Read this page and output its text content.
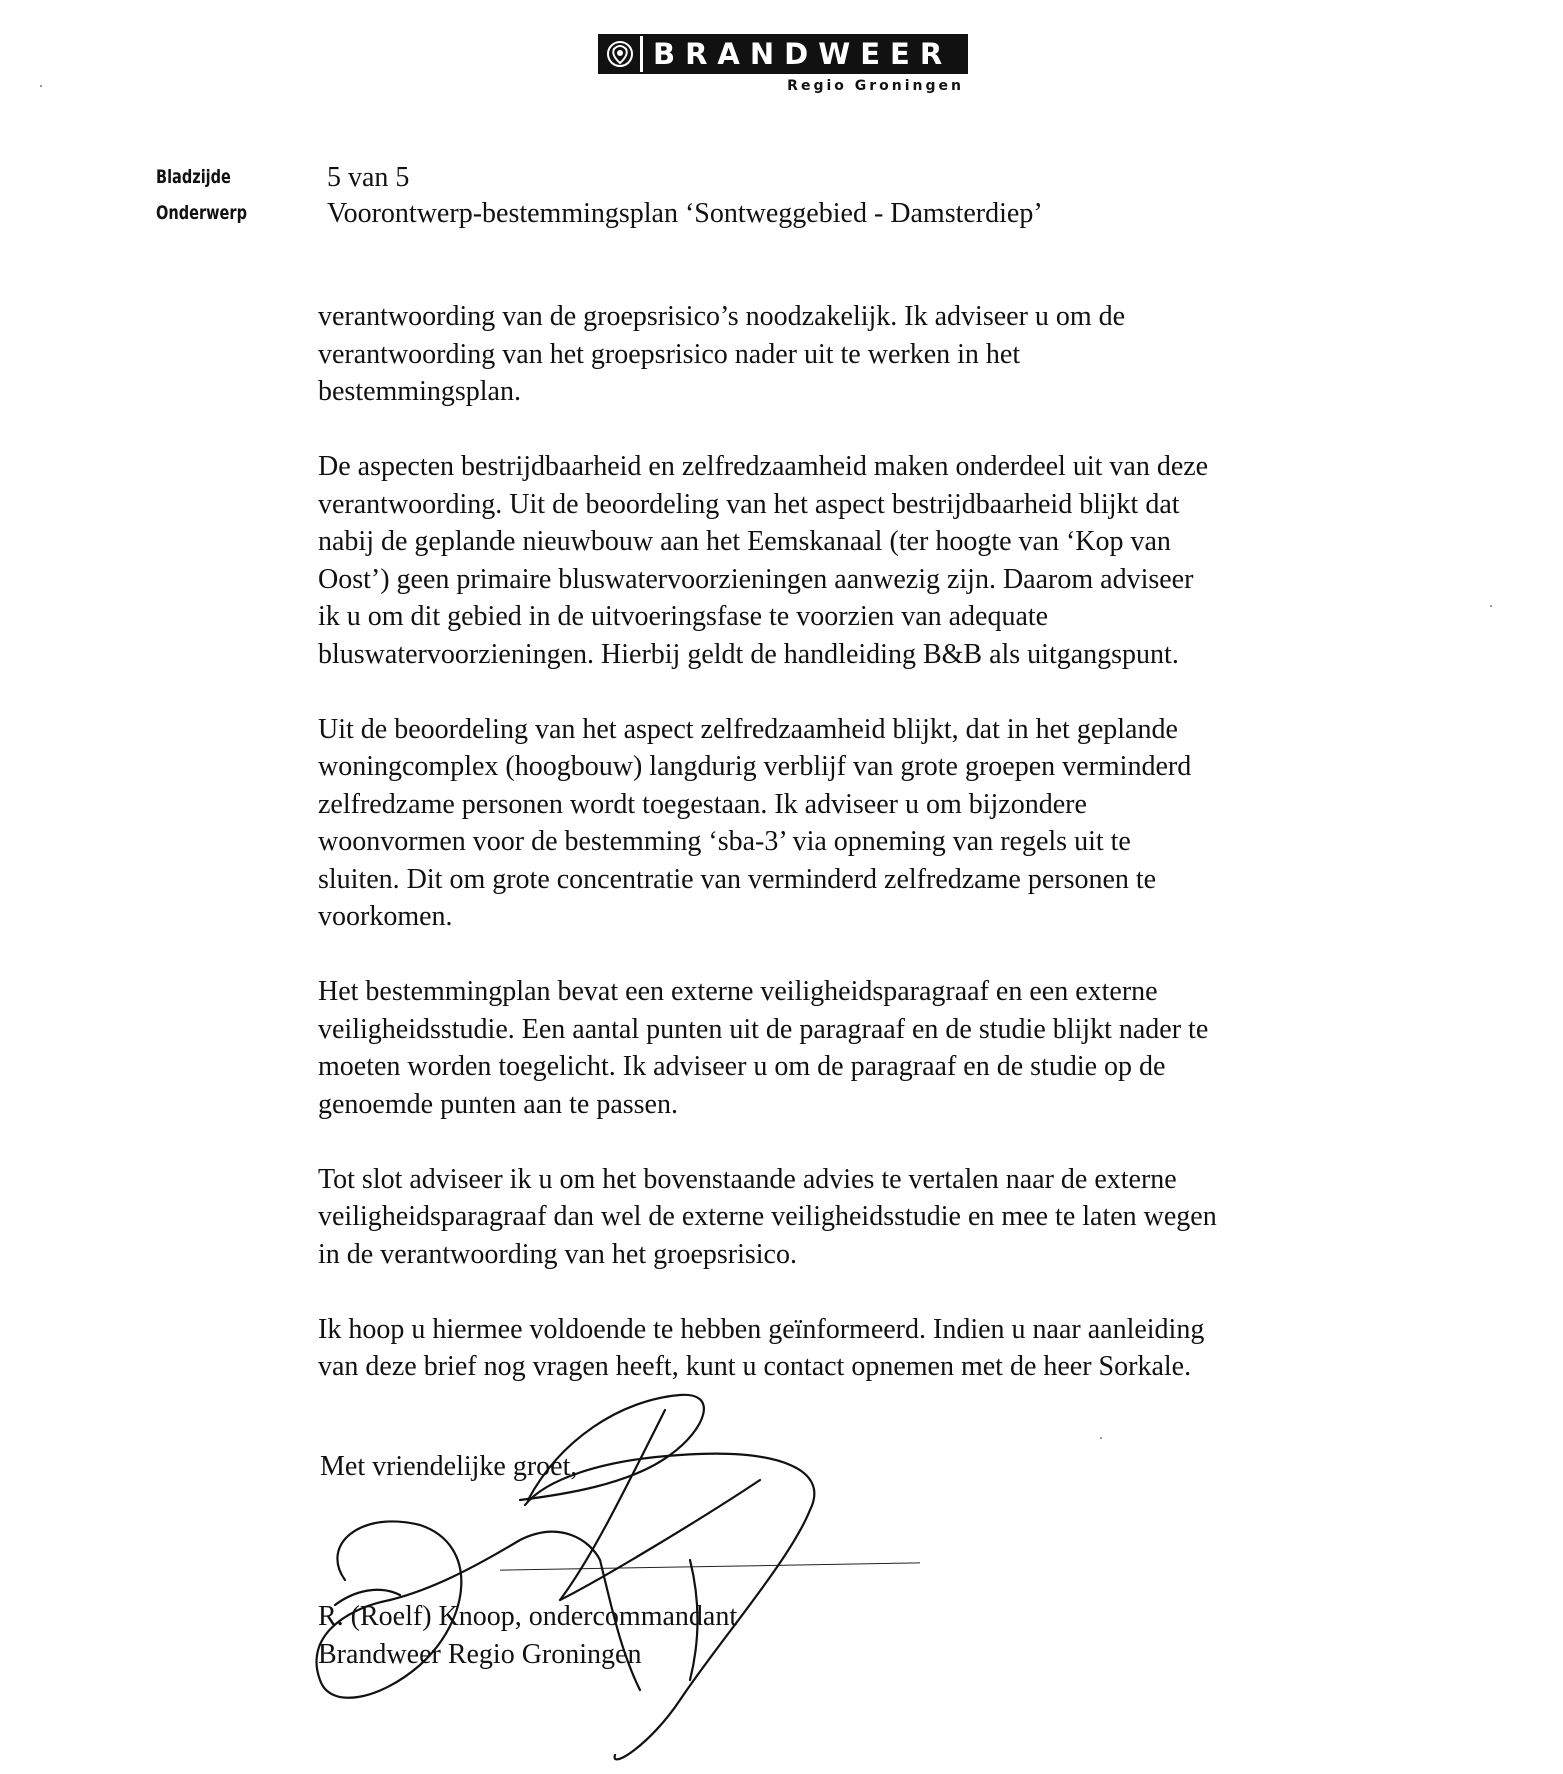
BRANDWEER
Regio Groningen
Bladzijde	5 van 5
Onderwerp	Voorontwerp-bestemmingsplan ‘Sontweggebied - Damsterdiep’

verantwoording van de groepsrisico’s noodzakelijk. Ik adviseer u om de
verantwoording van het groepsrisico nader uit te werken in het
bestemmingsplan.

De aspecten bestrijdbaarheid en zelfredzaamheid maken onderdeel uit van deze
verantwoording. Uit de beoordeling van het aspect bestrijdbaarheid blijkt dat
nabij de geplande nieuwbouw aan het Eemskanaal (ter hoogte van ‘Kop van
Oost’) geen primaire bluswatervoorzieningen aanwezig zijn. Daarom adviseer
ik u om dit gebied in de uitvoeringsfase te voorzien van adequate
bluswatervoorzieningen. Hierbij geldt de handleiding B&B als uitgangspunt.

Uit de beoordeling van het aspect zelfredzaamheid blijkt, dat in het geplande
woningcomplex (hoogbouw) langdurig verblijf van grote groepen verminderd
zelfredzame personen wordt toegestaan. Ik adviseer u om bijzondere
woonvormen voor de bestemming ‘sba-3’ via opneming van regels uit te
sluiten. Dit om grote concentratie van verminderd zelfredzame personen te
voorkomen.

Het bestemmingplan bevat een externe veiligheidsparagraaf en een externe
veiligheidsstudie. Een aantal punten uit de paragraaf en de studie blijkt nader te
moeten worden toegelicht. Ik adviseer u om de paragraaf en de studie op de
genoemde punten aan te passen.

Tot slot adviseer ik u om het bovenstaande advies te vertalen naar de externe
veiligheidsparagraaf dan wel de externe veiligheidsstudie en mee te laten wegen
in de verantwoording van het groepsrisico.

Ik hoop u hiermee voldoende te hebben geïnformeerd. Indien u naar aanleiding
van deze brief nog vragen heeft, kunt u contact opnemen met de heer Sorkale.

Met vriendelijke groet,
R. (Roelf) Knoop, ondercommandant
Brandweer Regio Groningen
